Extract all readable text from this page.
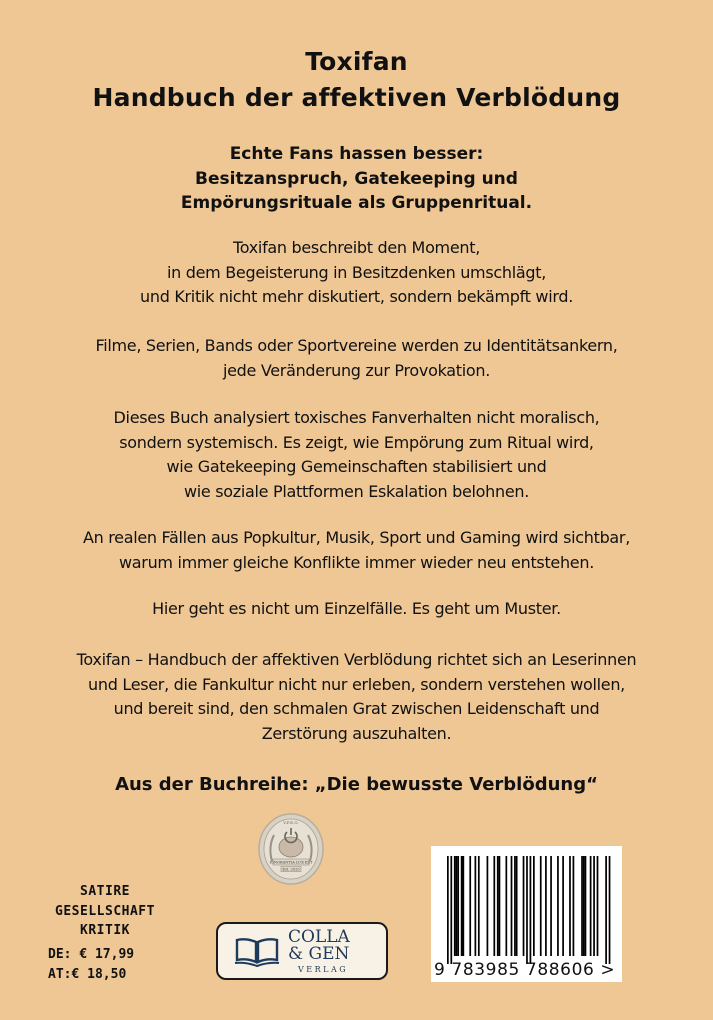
Toxifan
Handbuch der affektiven Verblödung
Echte Fans hassen besser:
Besitzanspruch, Gatekeeping und
Empörungsrituale als Gruppenritual.
Toxifan beschreibt den Moment,
in dem Begeisterung in Besitzdenken umschlägt,
und Kritik nicht mehr diskutiert, sondern bekämpft wird.
Filme, Serien, Bands oder Sportvereine werden zu Identitätsankern,
jede Veränderung zur Provokation.
Dieses Buch analysiert toxisches Fanverhalten nicht moralisch,
sondern systemisch. Es zeigt, wie Empörung zum Ritual wird,
wie Gatekeeping Gemeinschaften stabilisiert und
wie soziale Plattformen Eskalation belohnen.
An realen Fällen aus Popkultur, Musik, Sport und Gaming wird sichtbar,
warum immer gleiche Konflikte immer wieder neu entstehen.
Hier geht es nicht um Einzelfälle. Es geht um Muster.
Toxifan – Handbuch der affektiven Verblödung richtet sich an Leserinnen
und Leser, die Fankultur nicht nur erleben, sondern verstehen wollen,
und bereit sind, den schmalen Grat zwischen Leidenschaft und
Zerstörung auszuhalten.
Aus der Buchreihe: „Die bewusste Verblödung“
V.F.E.G.
IGNORANTIA LUX EST
Est. 2025
SATIRE
GESELLSCHAFT
KRITIK
DE: € 17,99
AT:€ 18,50
COLLA
& GEN
VERLAG	9 783985 788606 >
